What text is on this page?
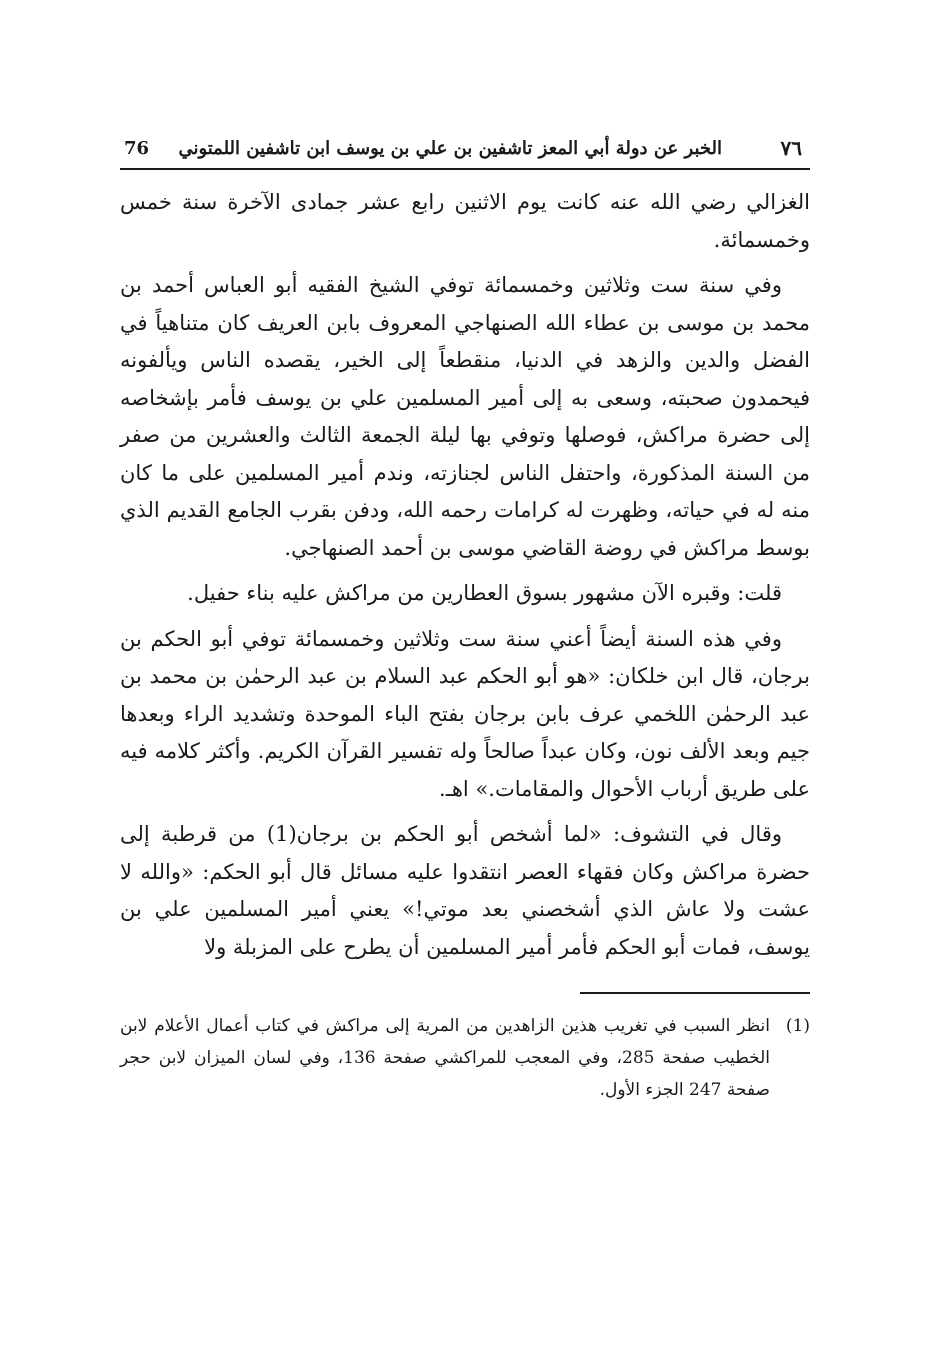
٧٦
الخبر عن دولة أبي المعز تاشفين بن علي بن يوسف ابن تاشفين اللمتوني
76

الغزالي رضي الله عنه كانت يوم الاثنين رابع عشر جمادى الآخرة سنة خمس وخمسمائة.

وفي سنة ست وثلاثين وخمسمائة توفي الشيخ الفقيه أبو العباس أحمد بن محمد بن موسى بن عطاء الله الصنهاجي المعروف بابن العريف كان متناهياً في الفضل والدين والزهد في الدنيا، منقطعاً إلى الخير، يقصده الناس ويألفونه فيحمدون صحبته، وسعى به إلى أمير المسلمين علي بن يوسف فأمر بإشخاصه إلى حضرة مراكش، فوصلها وتوفي بها ليلة الجمعة الثالث والعشرين من صفر من السنة المذكورة، واحتفل الناس لجنازته، وندم أمير المسلمين على ما كان منه له في حياته، وظهرت له كرامات رحمه الله، ودفن بقرب الجامع القديم الذي بوسط مراكش في روضة القاضي موسى بن أحمد الصنهاجي.

قلت: وقبره الآن مشهور بسوق العطارين من مراكش عليه بناء حفيل.

وفي هذه السنة أيضاً أعني سنة ست وثلاثين وخمسمائة توفي أبو الحكم بن برجان، قال ابن خلكان: «هو أبو الحكم عبد السلام بن عبد الرحمٰن بن محمد بن عبد الرحمٰن اللخمي عرف بابن برجان بفتح الباء الموحدة وتشديد الراء وبعدها جيم وبعد الألف نون، وكان عبداً صالحاً وله تفسير القرآن الكريم. وأكثر كلامه فيه على طريق أرباب الأحوال والمقامات.» اهـ.

وقال في التشوف: «لما أشخص أبو الحكم بن برجان(1) من قرطبة إلى حضرة مراكش وكان فقهاء العصر انتقدوا عليه مسائل قال أبو الحكم: «والله لا عشت ولا عاش الذي أشخصني بعد موتي!» يعني أمير المسلمين علي بن يوسف، فمات أبو الحكم فأمر أمير المسلمين أن يطرح على المزبلة ولا

(1)
انظر السبب في تغريب هذين الزاهدين من المرية إلى مراكش في كتاب أعمال الأعلام لابن الخطيب صفحة 285، وفي المعجب للمراكشي صفحة 136، وفي لسان الميزان لابن حجر صفحة 247 الجزء الأول.
